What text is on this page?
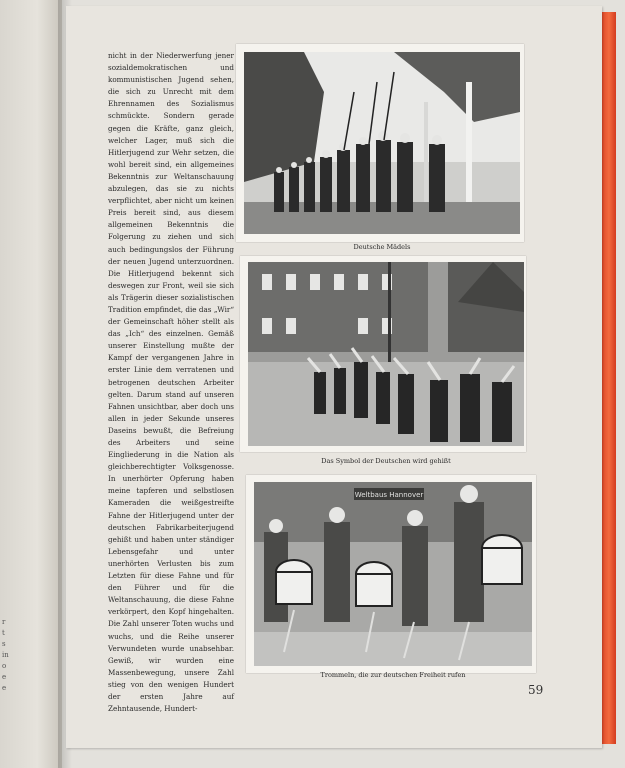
r
t
s
in
o
e
e

nicht in der Niederwerfung jener sozialdemokratischen und kommunistischen Jugend sehen, die sich zu Unrecht mit dem Ehrennamen des Sozialismus schmückte. Sondern gerade gegen die Kräfte, ganz gleich, welcher Lager, muß sich die Hitlerjugend zur Wehr setzen, die wohl bereit sind, ein allgemeines Bekenntnis zur Weltanschauung abzulegen, das sie zu nichts verpflichtet, aber nicht um keinen Preis bereit sind, aus diesem allgemeinen Bekenntnis die Folgerung zu ziehen und sich auch bedingungslos der Führung der neuen Jugend unterzuordnen. Die Hitlerjugend bekennt sich deswegen zur Front, weil sie sich als Trägerin dieser sozialistischen Tradition empfindet, die das „Wir“ der Gemeinschaft höher stellt als das „Ich“ des einzelnen. Gemäß unserer Einstellung mußte der Kampf der vergangenen Jahre in erster Linie dem verratenen und betrogenen deutschen Arbeiter gelten. Darum stand auf unseren Fahnen unsichtbar, aber doch uns allen in jeder Sekunde unseres Daseins bewußt, die Befreiung des Arbeiters und seine Eingliederung in die Nation als gleichberechtigter Volksgenosse. In unerhörter Opferung haben meine tapferen und selbstlosen Kameraden die weißgestreifte Fahne der Hitlerjugend unter der deutschen Fabrikarbeiterjugend gehißt und haben unter ständiger Lebensgefahr und unter unerhörten Verlusten bis zum Letzten für diese Fahne und für den Führer und für die Weltanschauung, die diese Fahne verkörpert, den Kopf hingehalten. Die Zahl unserer Toten wuchs und wuchs, und die Reihe unserer Verwundeten wurde unabsehbar. Gewiß, wir wurden eine Massenbewegung, unsere Zahl stieg von den wenigen Hundert der ersten Jahre auf Zehntausende, Hundert-

Deutsche Mädels
Das Symbol der Deutschen wird gehißt
Weltbaus Hannover
Trommeln, die zur deutschen Freiheit rufen
59
